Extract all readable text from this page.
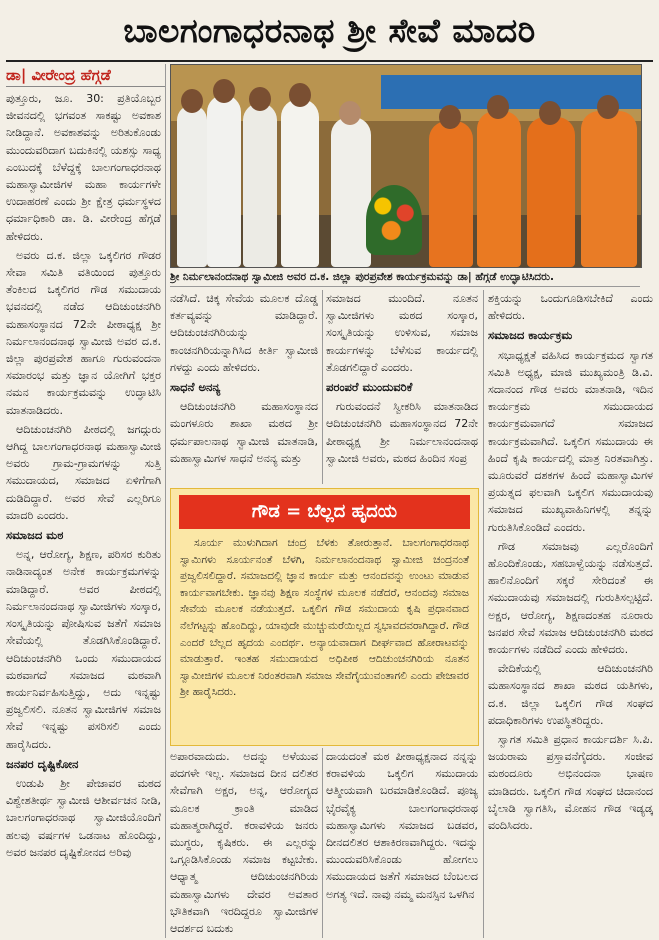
ಬಾಲಗಂಗಾಧರನಾಥ ಶ್ರೀ ಸೇವೆ ಮಾದರಿ
ಡಾ| ವೀರೇಂದ್ರ ಹೆಗ್ಗಡೆ
ಶ್ರೀ ನಿರ್ಮಲಾನಂದನಾಥ ಸ್ವಾಮೀಜಿ ಅವರ ದ.ಕ. ಜಿಲ್ಲಾ ಪುರಪ್ರವೇಶ ಕಾರ್ಯಕ್ರಮವನ್ನು ಡಾ| ಹೆಗ್ಗಡೆ ಉದ್ಘಾಟಿಸಿದರು.

ಪುತ್ತೂರು, ಜೂ. 30: ಪ್ರತಿಯೊಬ್ಬರ ಜೀವನದಲ್ಲಿ ಭಗವಂತ ಸಾಕಷ್ಟು ಅವಕಾಶ ನೀಡಿದ್ದಾನೆ. ಅವಕಾಶವನ್ನು ಅರಿತುಕೊಂಡು ಮುಂದುವರಿದಾಗ ಬದುಕಿನಲ್ಲಿ ಯಶಸ್ಸು ಸಾಧ್ಯ ಎಂಬುದಕ್ಕೆ ಬೆಳೆದ್ದಕ್ಕೆ ಬಾಲಗಂಗಾಧರನಾಥ ಮಹಾಸ್ವಾಮೀಜಿಗಳ ಮಹಾ ಕಾರ್ಯಗಳೇ ಉದಾಹರಣೆ ಎಂದು ಶ್ರೀ ಕ್ಷೇತ್ರ ಧರ್ಮಸ್ಥಳದ ಧರ್ಮಾಧಿಕಾರಿ ಡಾ. ಡಿ. ವೀರೇಂದ್ರ ಹೆಗ್ಗಡೆ ಹೇಳಿದರು.

ಅವರು ದ.ಕ. ಜಿಲ್ಲಾ ಒಕ್ಕಲಿಗರ ಗೌಡರ ಸೇವಾ ಸಮಿತಿ ವತಿಯಿಂದ ಪುತ್ತೂರು ತೆಂಕಿಲದ ಒಕ್ಕಲಿಗರ ಗೌಡ ಸಮುದಾಯ ಭವನದಲ್ಲಿ ನಡೆದ ಆದಿಚುಂಚನಗಿರಿ ಮಹಾಸಂಸ್ಥಾನದ 72ನೇ ಪೀಠಾಧ್ಯಕ್ಷ ಶ್ರೀ ನಿರ್ಮಲಾನಂದನಾಥ ಸ್ವಾಮೀಜಿ ಅವರ ದ.ಕ. ಜಿಲ್ಲಾ ಪುರಪ್ರವೇಶ ಹಾಗೂ ಗುರುವಂದನಾ ಸಮಾರಂಭ ಮತ್ತು ಜ್ಞಾನ ಯೋಗಿಗೆ ಭಕ್ತರ ನಮನ ಕಾರ್ಯಕ್ರಮವನ್ನು ಉದ್ಘಾಟಿಸಿ ಮಾತನಾಡಿದರು.

ಆದಿಚುಂಚನಗಿರಿ ಪೀಠದಲ್ಲಿ ಜಗದ್ಗುರು ಆಗಿದ್ದ ಬಾಲಗಂಗಾಧರನಾಥ ಮಹಾಸ್ವಾಮೀಜಿ ಅವರು ಗ್ರಾಮ-ಗ್ರಾಮಗಳನ್ನು ಸುತ್ತಿ ಸಮುದಾಯದ, ಸಮಾಜದ ಏಳಿಗೆಗಾಗಿ ದುಡಿದಿದ್ದಾರೆ. ಅವರ ಸೇವೆ ಎಲ್ಲರಿಗೂ ಮಾದರಿ ಎಂದರು.

ಸಮಾಜದ ಮಠ

ಅನ್ನ, ಆರೋಗ್ಯ, ಶಿಕ್ಷಣ, ಪರಿಸರ ಕುರಿತು ನಾಡಿನಾದ್ಯಂತ ಅನೇಕ ಕಾರ್ಯಕ್ರಮಗಳನ್ನು ಮಾಡಿದ್ದಾರೆ. ಅವರ ಪೀಠದಲ್ಲಿ ನಿರ್ಮಲಾನಂದನಾಥ ಸ್ವಾಮೀಜಿಗಳು ಸಂಸ್ಕಾರ, ಸಂಸ್ಕೃತಿಯನ್ನು ಪೋಷಿಸುವ ಜತೆಗೆ ಸಮಾಜ ಸೇವೆಯಲ್ಲಿ ತೊಡಗಿಸಿಕೊಂಡಿದ್ದಾರೆ. ಆದಿಚುಂಚನಗಿರಿ ಒಂದು ಸಮುದಾಯದ ಮಠವಾಗದೆ ಸಮಾಜದ ಮಠವಾಗಿ ಕಾರ್ಯನಿರ್ವಹಿಸುತ್ತಿದ್ದು, ಅದು ಇನ್ನಷ್ಟು ಪ್ರಜ್ವಲಿಸಲಿ. ನೂತನ ಸ್ವಾಮೀಜಿಗಳ ಸಮಾಜ ಸೇವೆ ಇನ್ನಷ್ಟು ಪಸರಿಸಲಿ ಎಂದು ಹಾರೈಸಿದರು.

ಜನಪರ ದೃಷ್ಟಿಕೋನ

ಉಡುಪಿ ಶ್ರೀ ಪೇಜಾವರ ಮಠದ ವಿಶ್ವೇಶತೀರ್ಥ ಸ್ವಾಮೀಜಿ ಆಶೀರ್ವಚನ ನೀಡಿ, ಬಾಲಗಂಗಾಧರನಾಥ ಸ್ವಾಮೀಜಿಯೊಂದಿಗೆ ಹಲವು ವರ್ಷಗಳ ಒಡನಾಟ ಹೊಂದಿದ್ದು, ಅವರ ಜನಪರ ದೃಷ್ಟಿಕೋನದ ಅರಿವು

ನಡೆಸಿದೆ. ಚಿಕ್ಕ ಸೇವೆಯ ಮೂಲಕ ದೊಡ್ಡ ಕರ್ತವ್ಯವನ್ನು ಮಾಡಿದ್ದಾರೆ. ಆದಿಚುಂಚನಗಿರಿಯನ್ನು ಕಾಂಚನಗಿರಿಯನ್ನಾಗಿಸಿದ ಕೀರ್ತಿ ಸ್ವಾಮೀಜಿ ಗಳದ್ದು ಎಂದು ಹೇಳಿದರು.

ಸಾಧನೆ ಅನನ್ಯ

ಆದಿಚುಂಚನಗಿರಿ ಮಹಾಸಂಸ್ಥಾನದ ಮಂಗಳೂರು ಶಾಖಾ ಮಠದ ಶ್ರೀ ಧರ್ಮಪಾಲನಾಥ ಸ್ವಾಮೀಜಿ ಮಾತನಾಡಿ, ಮಹಾಸ್ವಾಮಿಗಳ ಸಾಧನೆ ಅನನ್ಯ ಮತ್ತು

ಸಮಾಜದ ಮುಂದಿದೆ. ನೂತನ ಸ್ವಾಮೀಜಿಗಳು ಮಠದ ಸಂಸ್ಕಾರ, ಸಂಸ್ಕೃತಿಯನ್ನು ಉಳಿಸುವ, ಸಮಾಜ ಕಾರ್ಯಗಳನ್ನು ಬೆಳೆಸುವ ಕಾರ್ಯದಲ್ಲಿ ತೊಡಗಲಿದ್ದಾರೆ ಎಂದರು.

ಪರಂಪರೆ ಮುಂದುವರಿಕೆ

ಗುರುವಂದನೆ ಸ್ವೀಕರಿಸಿ ಮಾತನಾಡಿದ ಆದಿಚುಂಚನಗಿರಿ ಮಹಾಸಂಸ್ಥಾನದ 72ನೇ ಪೀಠಾಧ್ಯಕ್ಷ ಶ್ರೀ ನಿರ್ಮಲಾನಂದನಾಥ ಸ್ವಾಮೀಜಿ ಅವರು, ಮಠದ ಹಿಂದಿನ ಸಂಪ್ರ

ಗೌಡ = ಬೆಲ್ಲದ ಹೃದಯ

ಸೂರ್ಯ ಮುಳುಗಿದಾಗ ಚಂದ್ರ ಬೆಳಕು ತೋರುತ್ತಾನೆ. ಬಾಲಗಂಗಾಧರನಾಥ ಸ್ವಾಮಿಗಳು ಸೂರ್ಯನಂತೆ ಬೆಳಗಿ, ನಿರ್ಮಲಾನಂದನಾಥ ಸ್ವಾಮೀಜಿ ಚಂದ್ರನಂತೆ ಪ್ರಜ್ವಲಿಸಲಿದ್ದಾರೆ. ಸಮಾಜದಲ್ಲಿ ಜ್ಞಾನ ಕಾರ್ಯ ಮತ್ತು ಆನಂದವನ್ನು ಉಂಟು ಮಾಡುವ ಕಾರ್ಯವಾಗಬೇಕು. ಜ್ಞಾನವು ಶಿಕ್ಷಣ ಸಂಸ್ಥೆಗಳ ಮೂಲಕ ನಡೆದರೆ, ಆನಂದವು ಸಮಾಜ ಸೇವೆಯ ಮೂಲಕ ನಡೆಯುತ್ತದೆ. ಒಕ್ಕಲಿಗ ಗೌಡ ಸಮುದಾಯ ಕೃಷಿ ಪ್ರಧಾನವಾದ ನೆಲೆಗಟ್ಟನ್ನು ಹೊಂದಿದ್ದು, ಯಾವುದೇ ಮುಚ್ಚುಮರೆಯಿಲ್ಲದ ಸ್ವಭಾವದವರಾಗಿದ್ದಾರೆ. ಗೌಡ ಎಂದರೆ ಬೆಲ್ಲದ ಹೃದಯ ಎಂದರ್ಥ. ಅನ್ಯಾಯವಾದಾಗ ದೀರ್ಘವಾದ ಹೋರಾಟವನ್ನು ಮಾಡುತ್ತಾರೆ. ಇಂತಹ ಸಮುದಾಯದ ಅಧಿಪೀಠ ಆದಿಚುಂಚನಗಿರಿಯ ನೂತನ ಸ್ವಾಮೀಜಿಗಳ ಮೂಲಕ ನಿರಂತರವಾಗಿ ಸಮಾಜ ಸೇವೆಗೈಯುವಂತಾಗಲಿ ಎಂದು ಪೇಜಾವರ ಶ್ರೀ ಹಾರೈಸಿದರು.

ಅಪಾರವಾದುದು. ಅದನ್ನು ಅಳೆಯುವ ಪದಗಳೇ ಇಲ್ಲ. ಸಮಾಜದ ದೀನ ದಲಿತರ ಸೇವೆಗಾಗಿ ಅಕ್ಷರ, ಅನ್ನ, ಆರೋಗ್ಯದ ಮೂಲಕ ಕ್ರಾಂತಿ ಮಾಡಿದ ಮಹಾತ್ಮರಾಗಿದ್ದರೆ. ಕರಾವಳಿಯ ಜನರು ಮುಗ್ಧರು, ಕೃಷಿಕರು. ಈ ಎಲ್ಲರನ್ನು ಒಗ್ಗೂಡಿಸಿಕೊಂಡು ಸಮಾಜ ಕಟ್ಟಬೇಕು. ಆಧ್ಯಾತ್ಮ ಆದಿಚುಂಚನಗಿರಿಯ ಮಹಾಸ್ವಾಮಿಗಳು ದೇವರ ಅವತಾರ ಭೌತಿಕವಾಗಿ ಇರದಿದ್ದರೂ ಸ್ವಾಮೀಜಿಗಳ ಆದರ್ಶದ ಬದುಕು

ದಾಯದಂತೆ ಮಠ ಪೀಠಾಧ್ಯಕ್ಷನಾದ ನನ್ನನ್ನು ಕರಾವಳಿಯ ಒಕ್ಕಲಿಗ ಸಮುದಾಯ ಆತ್ಮೀಯವಾಗಿ ಬರಮಾಡಿಕೊಂಡಿದೆ. ಪೂಜ್ಯ ಭೈರವೈಕ್ಯ ಬಾಲಗಂಗಾಧರನಾಥ ಮಹಾಸ್ವಾಮಿಗಳು ಸಮಾಜದ ಬಡವರ, ದೀನದಲಿತರ ಆಶಾಕಿರಣವಾಗಿದ್ದರು. ಇದನ್ನು ಮುಂದುವರಿಸಿಕೊಂಡು ಹೋಗಲು ಸಮುದಾಯದ ಜತೆಗೆ ಸಮಾಜದ ಬೆಂಬಲದ ಅಗತ್ಯ ಇದೆ. ನಾವು ನಮ್ಮ ಮನಸ್ಸಿನ ಒಳಗಿನ

ಶಕ್ತಿಯನ್ನು ಒಂದುಗೂಡಿಸಬೇಕಿದೆ ಎಂದು ಹೇಳಿದರು.

ಸಮಾಜದ ಕಾರ್ಯಕ್ರಮ

ಸಭಾಧ್ಯಕ್ಷತೆ ವಹಿಸಿದ ಕಾರ್ಯಕ್ರಮದ ಸ್ವಾಗತ ಸಮಿತಿ ಅಧ್ಯಕ್ಷ, ಮಾಜಿ ಮುಖ್ಯಮಂತ್ರಿ ಡಿ.ವಿ. ಸದಾನಂದ ಗೌಡ ಅವರು ಮಾತನಾಡಿ, ಇದಿನ ಕಾರ್ಯಕ್ರಮ ಸಮುದಾಯದ ಕಾರ್ಯಕ್ರಮವಾಗದೆ ಸಮಾಜದ ಕಾರ್ಯಕ್ರಮವಾಗಿದೆ. ಒಕ್ಕಲಿಗ ಸಮುದಾಯ ಈ ಹಿಂದೆ ಕೃಷಿ ಕಾರ್ಯದಲ್ಲಿ ಮಾತ್ರ ನಿರತವಾಗಿತ್ತು. ಮೂರುವರೆ ದಶಕಗಳ ಹಿಂದೆ ಮಹಾಸ್ವಾಮಿಗಳ ಪ್ರಯತ್ನದ ಫಲವಾಗಿ ಒಕ್ಕಲಿಗ ಸಮುದಾಯವು ಸಮಾಜದ ಮುಖ್ಯವಾಹಿನಿಗಳಲ್ಲಿ ತನ್ನನ್ನು ಗುರುತಿಸಿಕೊಂಡಿದೆ ಎಂದರು.

ಗೌಡ ಸಮಾಜವು ಎಲ್ಲರೊಂದಿಗೆ ಹೊಂದಿಕೊಂಡು, ಸಹಬಾಳ್ವೆಯನ್ನು ನಡೆಸುತ್ತದೆ. ಹಾಲಿನೊಂದಿಗೆ ಸಕ್ಕರೆ ಸೇರಿದಂತೆ ಈ ಸಮುದಾಯವು ಸಮಾಜದಲ್ಲಿ ಗುರುತಿಸಲ್ಪಟ್ಟಿದೆ. ಅಕ್ಷರ, ಆರೋಗ್ಯ, ಶಿಕ್ಷಣದಂತಹ ನೂರಾರು ಜನಪರ ಸೇವೆ ಸಮಾಜ ಆದಿಚುಂಚನಗಿರಿ ಮಠದ ಕಾರ್ಯಗಳು ನಡೆದಿದೆ ಎಂದು ಹೇಳಿದರು.

ವೇದಿಕೆಯಲ್ಲಿ ಆದಿಚುಂಚನಗಿರಿ ಮಹಾಸಂಸ್ಥಾನದ ಶಾಖಾ ಮಠದ ಯತಿಗಳು, ದ.ಕ. ಜಿಲ್ಲಾ ಒಕ್ಕಲಿಗ ಗೌಡ ಸಂಘದ ಪದಾಧಿಕಾರಿಗಳು ಉಪಸ್ಥಿತರಿದ್ದರು.

ಸ್ವಾಗತ ಸಮಿತಿ ಪ್ರಧಾನ ಕಾರ್ಯದರ್ಶಿ ಸಿ.ಪಿ. ಜಯರಾಮ ಪ್ರಸ್ತಾವನೆಗೈದರು. ಸಂಜೀವ ಮಠಂದೂರು ಅಭಿನಂದನಾ ಭಾಷಣ ಮಾಡಿದರು. ಒಕ್ಕಲಿಗ ಗೌಡ ಸಂಘದ ಚಿದಾನಂದ ಬೈಲಾಡಿ ಸ್ವಾಗತಿಸಿ, ಮೋಹನ ಗೌಡ ಇಡ್ಯಡ್ಕ ವಂದಿಸಿದರು.
